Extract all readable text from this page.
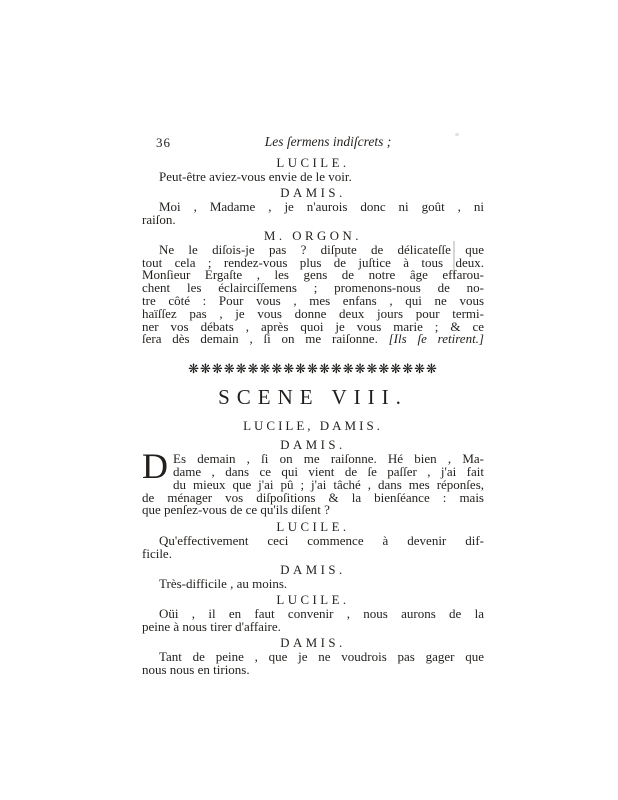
36	Les ſermens indiſcrets ;
LUCILE.
Peut-être aviez-vous envie de le voir.
DAMIS.
Moi , Madame , je n'aurois donc ni goût , ni
raiſon.
M. ORGON.
Ne le diſois-je pas ? diſpute de délicateſſe que
tout cela ; rendez-vous plus de juſtice à tous deux.
Monſieur Ergaſte , les gens de notre âge effarou-
chent les éclairciſſemens ; promenons-nous de no-
tre côté : Pour vous , mes enfans , qui ne vous
haïſſez pas , je vous donne deux jours pour termi-
ner vos débats , après quoi je vous marie ; & ce
ſera dès demain , ſi on me raiſonne. [Ils ſe retirent.]
❋❋❋❋❋❋❋❋❋❋❋❋❋❋❋❋❋❋❋❋❋
SCENE VIII.
LUCILE, DAMIS.
DAMIS.
D Es demain , ſi on me raiſonne. Hé bien , Ma-
dame , dans ce qui vient de ſe paſſer , j'ai fait
du mieux que j'ai pû ; j'ai tâché , dans mes réponſes,
de ménager vos diſpoſitions & la bienſéance : mais
que penſez-vous de ce qu'ils diſent ?
LUCILE.
Qu'effectivement ceci commence à devenir dif-
ficile.
DAMIS.
Très-difficile , au moins.
LUCILE.
Oüi , il en faut convenir , nous aurons de la
peine à nous tirer d'affaire.
DAMIS.
Tant de peine , que je ne voudrois pas gager que
nous nous en tirions.
